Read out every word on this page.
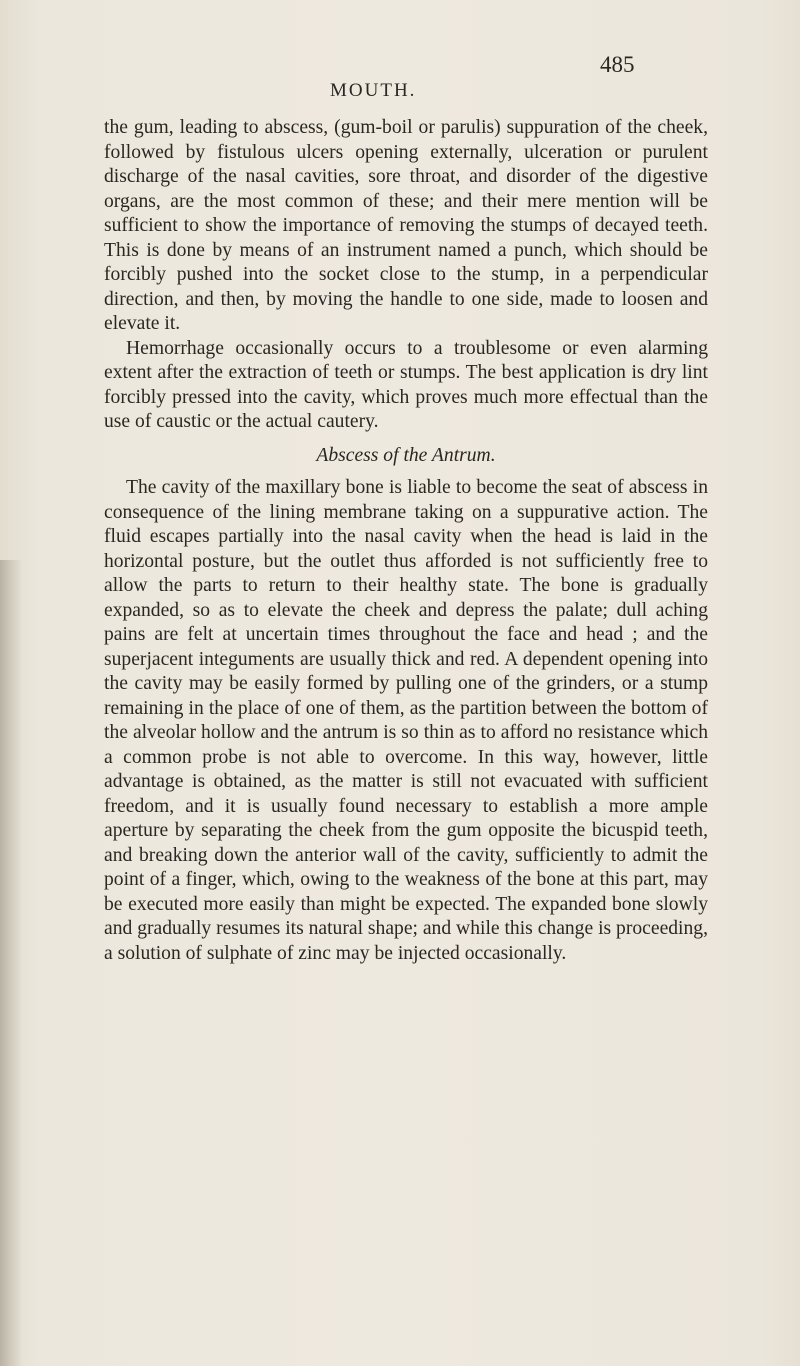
MOUTH.
485

the gum, leading to abscess, (gum-boil or parulis) suppuration of the cheek, followed by fistulous ulcers opening externally, ulceration or purulent discharge of the nasal cavities, sore throat, and disorder of the digestive organs, are the most common of these; and their mere mention will be sufficient to show the importance of removing the stumps of decayed teeth. This is done by means of an instrument named a punch, which should be forcibly pushed into the socket close to the stump, in a perpendicular direction, and then, by moving the handle to one side, made to loosen and elevate it.

Hemorrhage occasionally occurs to a troublesome or even alarming extent after the extraction of teeth or stumps. The best application is dry lint forcibly pressed into the cavity, which proves much more effectual than the use of caustic or the actual cautery.

Abscess of the Antrum.

The cavity of the maxillary bone is liable to become the seat of abscess in consequence of the lining membrane taking on a suppurative action. The fluid escapes partially into the nasal cavity when the head is laid in the horizontal posture, but the outlet thus afforded is not sufficiently free to allow the parts to return to their healthy state. The bone is gradually expanded, so as to elevate the cheek and depress the palate; dull aching pains are felt at uncertain times throughout the face and head ; and the superjacent integuments are usually thick and red. A dependent opening into the cavity may be easily formed by pulling one of the grinders, or a stump remaining in the place of one of them, as the partition between the bottom of the alveolar hollow and the antrum is so thin as to afford no resistance which a common probe is not able to overcome. In this way, however, little advantage is obtained, as the matter is still not evacuated with sufficient freedom, and it is usually found necessary to establish a more ample aperture by separating the cheek from the gum opposite the bicuspid teeth, and breaking down the anterior wall of the cavity, sufficiently to admit the point of a finger, which, owing to the weakness of the bone at this part, may be executed more easily than might be expected. The expanded bone slowly and gradually resumes its natural shape; and while this change is proceeding, a solution of sulphate of zinc may be injected occasionally.
